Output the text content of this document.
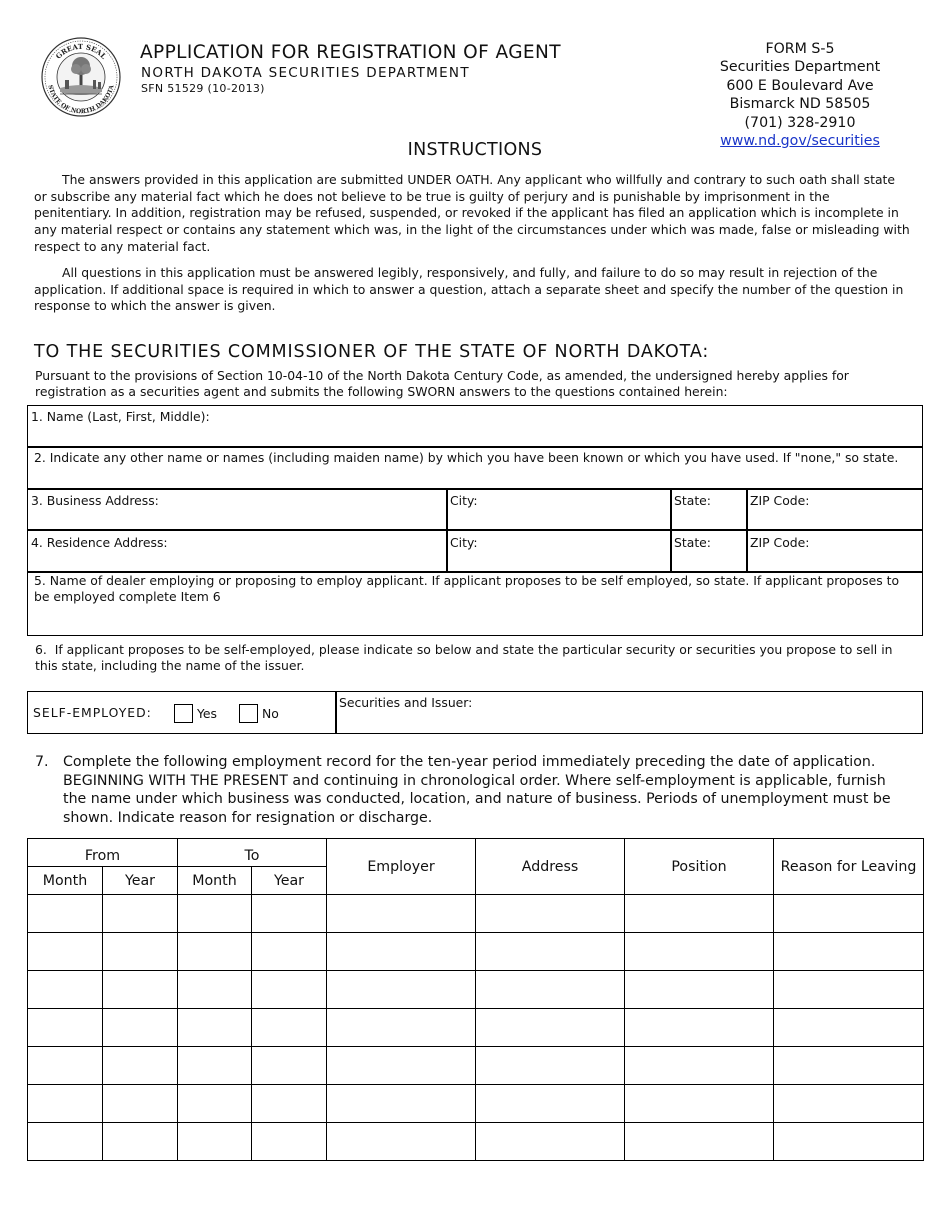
GREAT SEAL
STATE OF NORTH DAKOTA
APPLICATION FOR REGISTRATION OF AGENT
NORTH DAKOTA SECURITIES DEPARTMENT
SFN 51529 (10-2013)
FORM S-5
Securities Department
600 E Boulevard Ave
Bismarck ND 58505
(701) 328-2910
www.nd.gov/securities
INSTRUCTIONS

The answers provided in this application are submitted UNDER OATH. Any applicant who willfully and contrary to such oath shall state or subscribe any material fact which he does not believe to be true is guilty of perjury and is punishable by imprisonment in the penitentiary. In addition, registration may be refused, suspended, or revoked if the applicant has filed an application which is incomplete in any material respect or contains any statement which was, in the light of the circumstances under which was made, false or misleading with respect to any material fact.

All questions in this application must be answered legibly, responsively, and fully, and failure to do so may result in rejection of the application. If additional space is required in which to answer a question, attach a separate sheet and specify the number of the question in response to which the answer is given.

TO THE SECURITIES COMMISSIONER OF THE STATE OF NORTH DAKOTA:
Pursuant to the provisions of Section 10-04-10 of the North Dakota Century Code, as amended, the undersigned hereby applies for registration as a securities agent and submits the following SWORN answers to the questions contained herein:
1. Name (Last, First, Middle):
2. Indicate any other name or names (including maiden name) by which you have been known or which you have used. If "none," so state.
3. Business Address:	City:	State:	ZIP Code:
4. Residence Address:	City:	State:	ZIP Code:
5. Name of dealer employing or proposing to employ applicant. If applicant proposes to be self employed, so state. If applicant proposes to be employed complete Item 6
6. If applicant proposes to be self-employed, please indicate so below and state the particular security or securities you propose to sell in this state, including the name of the issuer.
SELF-EMPLOYED:	Yes	No
Securities and Issuer:
7. Complete the following employment record for the ten-year period immediately preceding the date of application. BEGINNING WITH THE PRESENT and continuing in chronological order. Where self-employment is applicable, furnish the name under which business was conducted, location, and nature of business. Periods of unemployment must be shown. Indicate reason for resignation or discharge.
From		To		Employer	Address	Position	Reason for Leaving
Month	Year	Month	Year				
